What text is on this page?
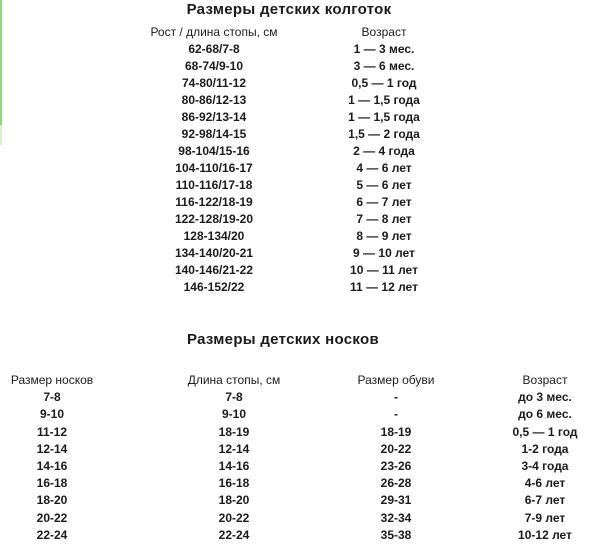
Размеры детских колготок
Рост / длина стопы, см	Возраст
62-68/7-8	1 — 3 мес.
68-74/9-10	3 — 6 мес.
74-80/11-12	0,5 — 1 год
80-86/12-13	1 — 1,5 года
86-92/13-14	1 — 1,5 года
92-98/14-15	1,5 — 2 года
98-104/15-16	2 — 4 года
104-110/16-17	4 — 6 лет
110-116/17-18	5 — 6 лет
116-122/18-19	6 — 7 лет
122-128/19-20	7 — 8 лет
128-134/20	8 — 9 лет
134-140/20-21	9 — 10 лет
140-146/21-22	10 — 11 лет
146-152/22	11 — 12 лет
Размеры детских носков
Размер носков	Длина стопы, см	Размер обуви	Возраст
7-8	7-8	-	до 3 мес.
9-10	9-10	-	до 6 мес.
11-12	18-19	18-19	0,5 — 1 год
12-14	12-14	20-22	1-2 года
14-16	14-16	23-26	3-4 года
16-18	16-18	26-28	4-6 лет
18-20	18-20	29-31	6-7 лет
20-22	20-22	32-34	7-9 лет
22-24	22-24	35-38	10-12 лет
